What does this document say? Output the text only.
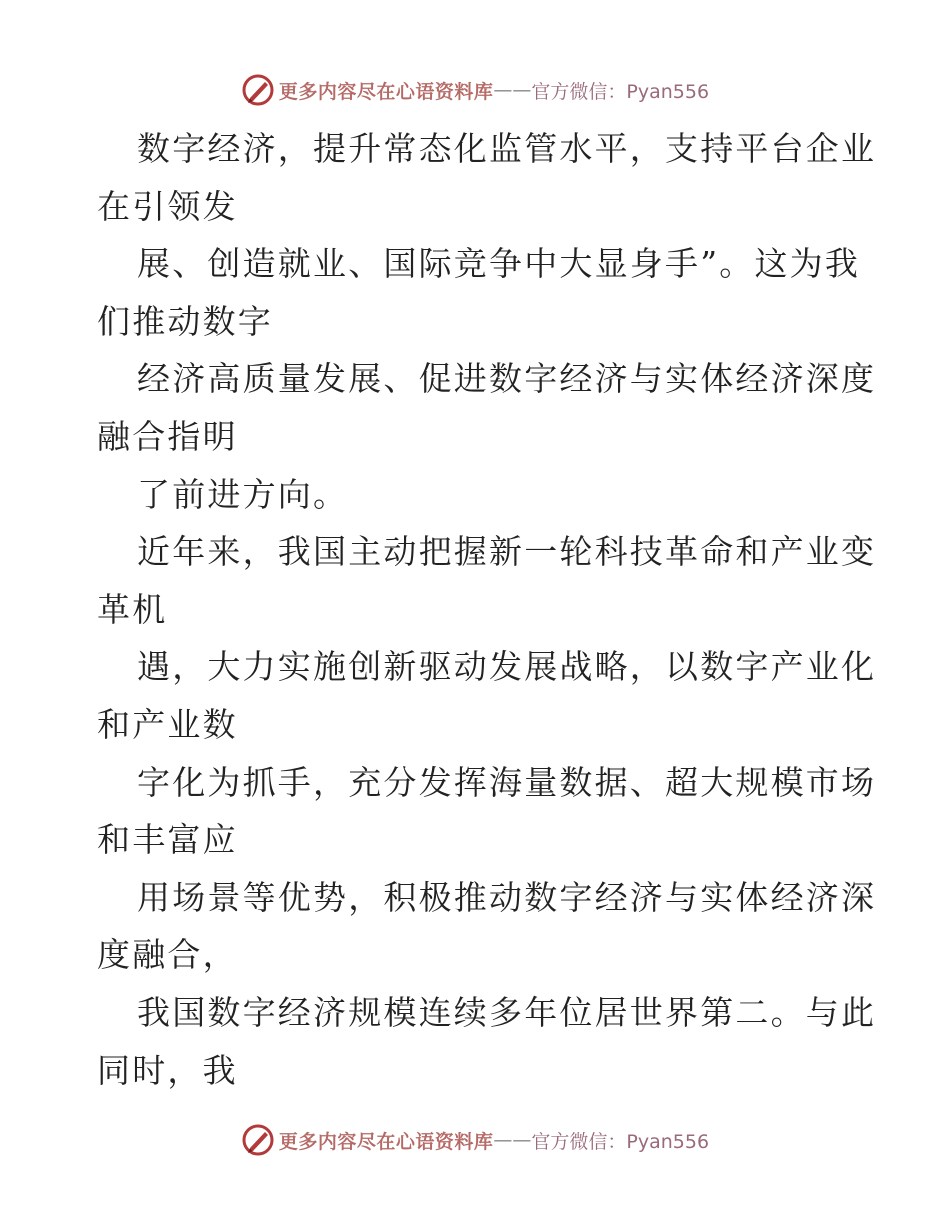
更多内容尽在心语资料库 —— 官方微信：Pyan556
数字经济，提升常态化监管水平，支持平台企业
在引领发
展、创造就业、国际竞争中大显身手”。这为我
们推动数字
经济高质量发展、促进数字经济与实体经济深度
融合指明
了前进方向。
近年来，我国主动把握新一轮科技革命和产业变
革机
遇，大力实施创新驱动发展战略，以数字产业化
和产业数
字化为抓手，充分发挥海量数据、超大规模市场
和丰富应
用场景等优势，积极推动数字经济与实体经济深
度融合，
我国数字经济规模连续多年位居世界第二。与此
同时，我
更多内容尽在心语资料库 —— 官方微信：Pyan556
